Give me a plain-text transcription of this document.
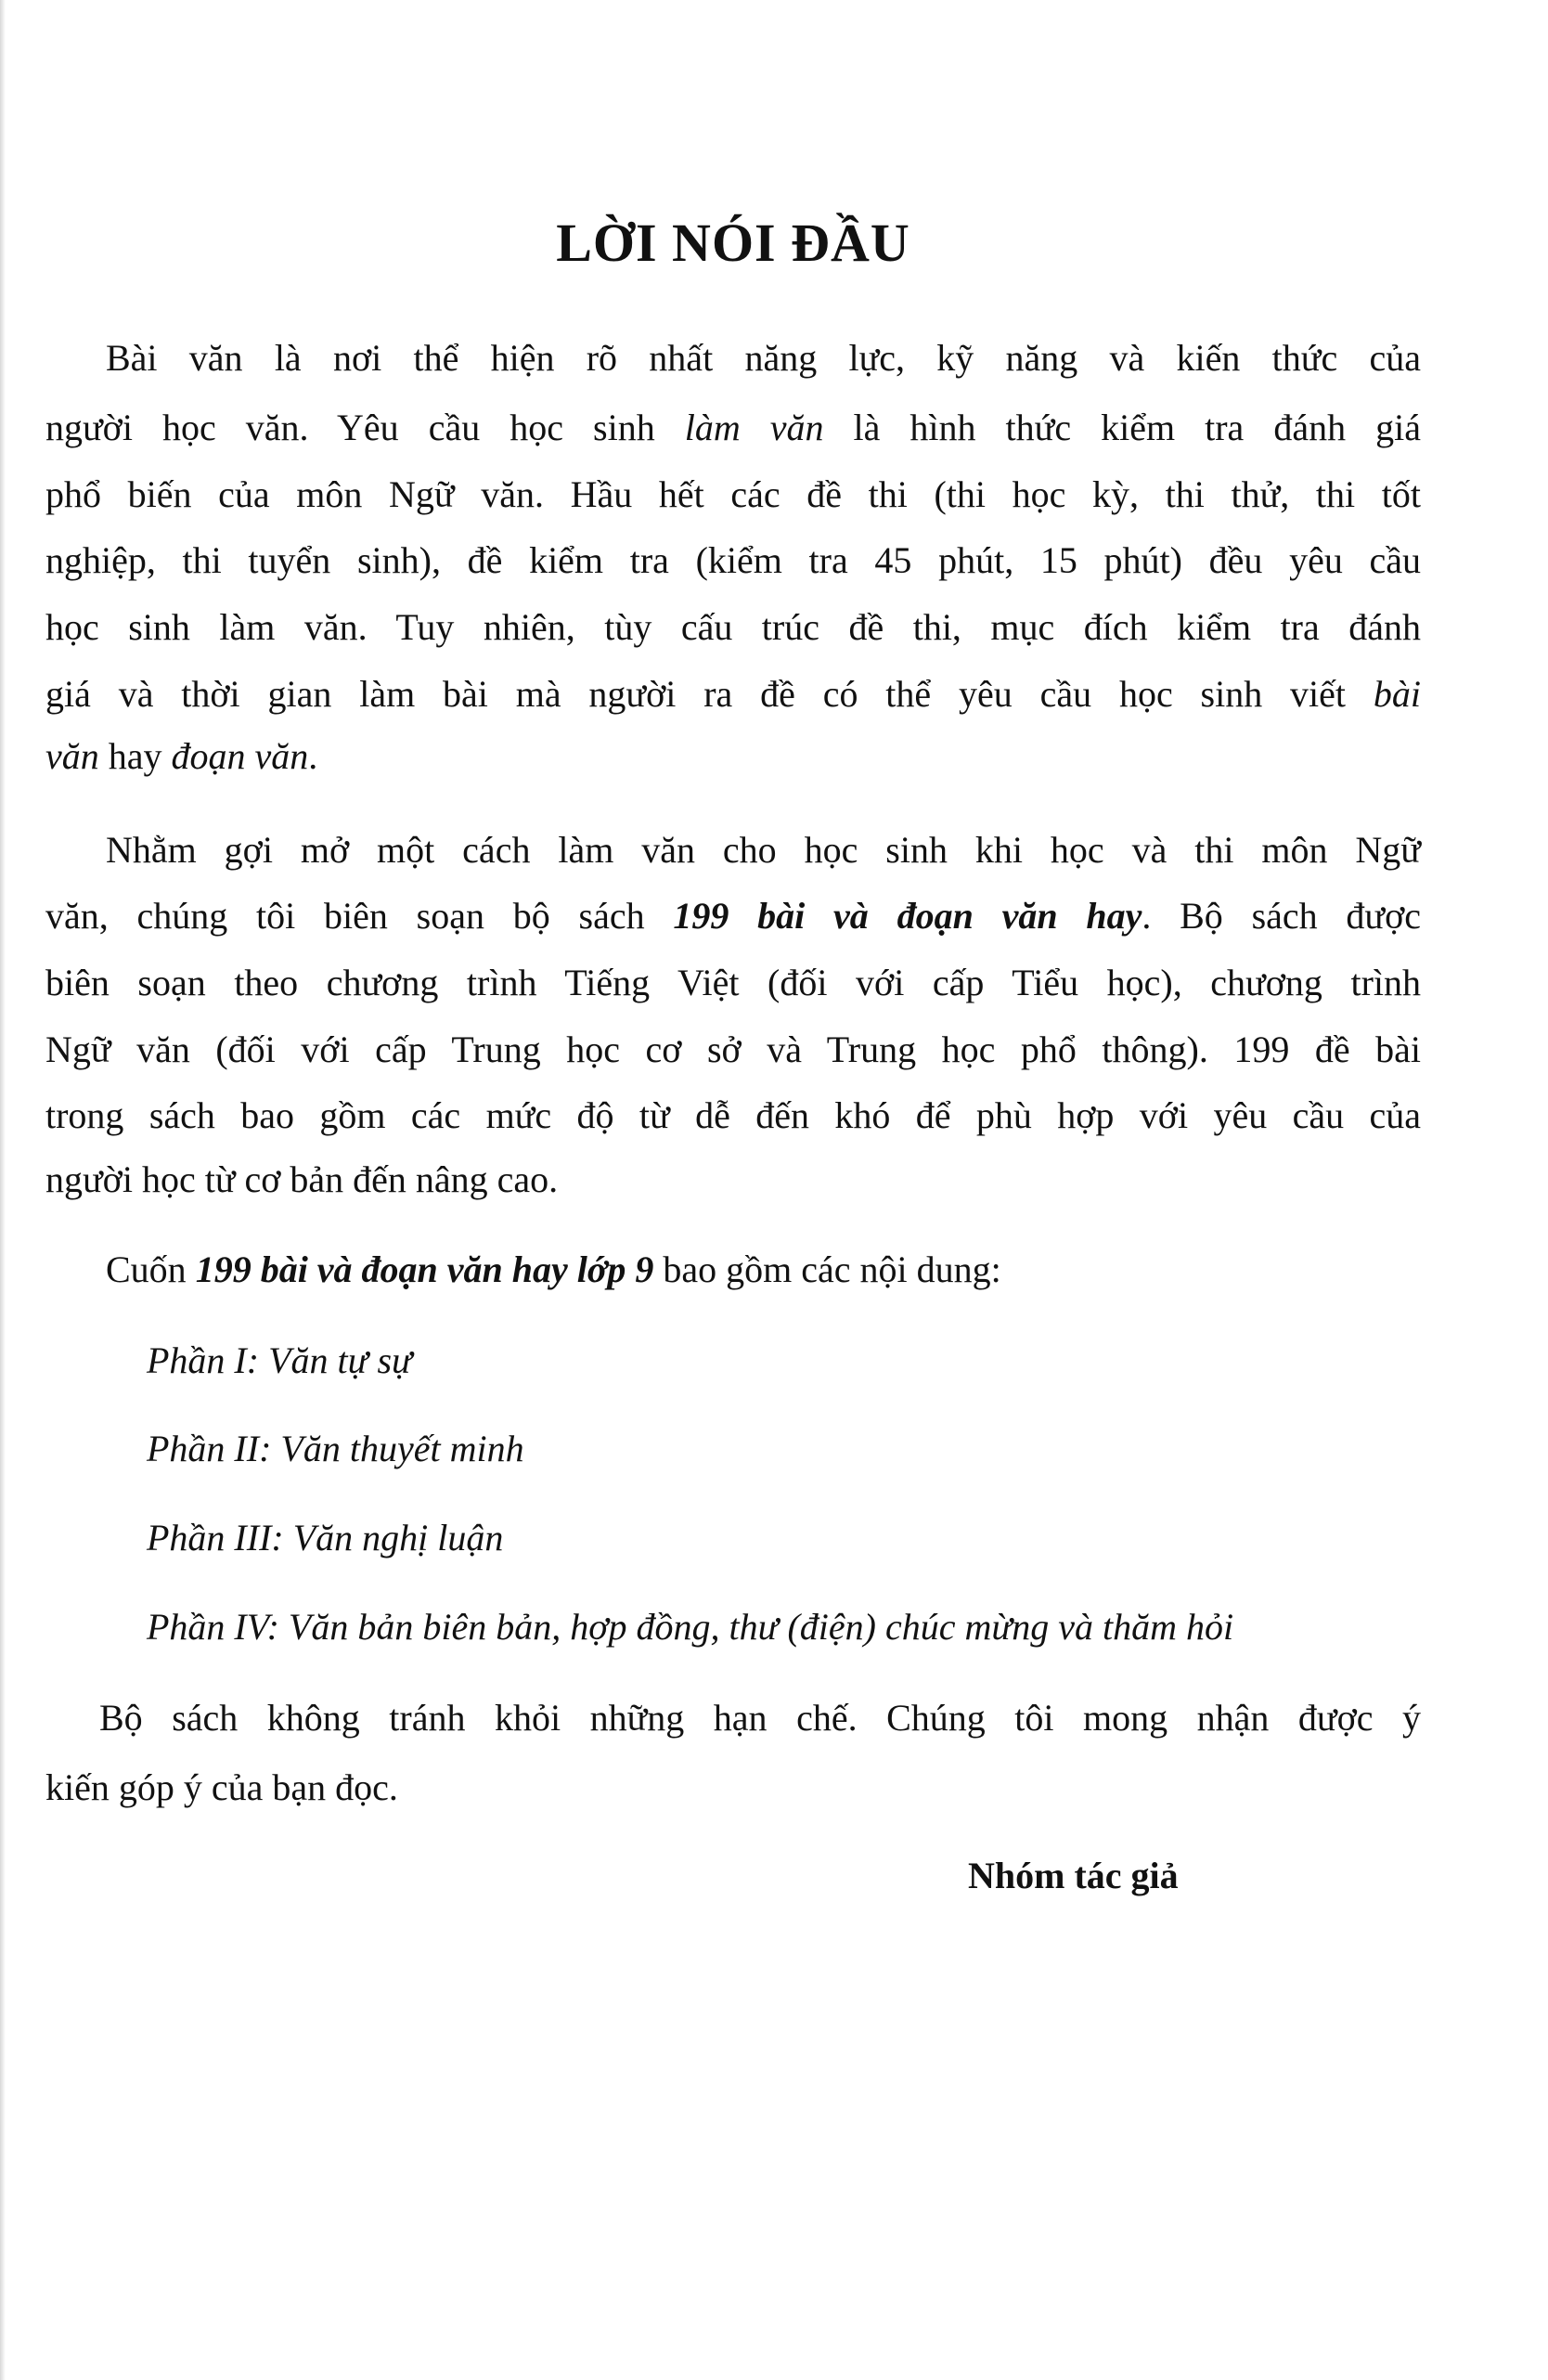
LỜI NÓI ĐẦU
Bài văn là nơi thể hiện rõ nhất năng lực, kỹ năng và kiến thức của
người học văn. Yêu cầu học sinh làm văn là hình thức kiểm tra đánh giá
phổ biến của môn Ngữ văn. Hầu hết các đề thi (thi học kỳ, thi thử, thi tốt
nghiệp, thi tuyển sinh), đề kiểm tra (kiểm tra 45 phút, 15 phút) đều yêu cầu
học sinh làm văn. Tuy nhiên, tùy cấu trúc đề thi, mục đích kiểm tra đánh
giá và thời gian làm bài mà người ra đề có thể yêu cầu học sinh viết bài
văn hay đoạn văn.
Nhằm gợi mở một cách làm văn cho học sinh khi học và thi môn Ngữ
văn, chúng tôi biên soạn bộ sách 199 bài và đoạn văn hay. Bộ sách được
biên soạn theo chương trình Tiếng Việt (đối với cấp Tiểu học), chương trình
Ngữ văn (đối với cấp Trung học cơ sở và Trung học phổ thông). 199 đề bài
trong sách bao gồm các mức độ từ dễ đến khó để phù hợp với yêu cầu của
người học từ cơ bản đến nâng cao.
Cuốn 199 bài và đoạn văn hay lớp 9 bao gồm các nội dung:
Phần I: Văn tự sự
Phần II: Văn thuyết minh
Phần III: Văn nghị luận
Phần IV: Văn bản biên bản, hợp đồng, thư (điện) chúc mừng và thăm hỏi
Bộ sách không tránh khỏi những hạn chế. Chúng tôi mong nhận được ý
kiến góp ý của bạn đọc.
Nhóm tác giả
